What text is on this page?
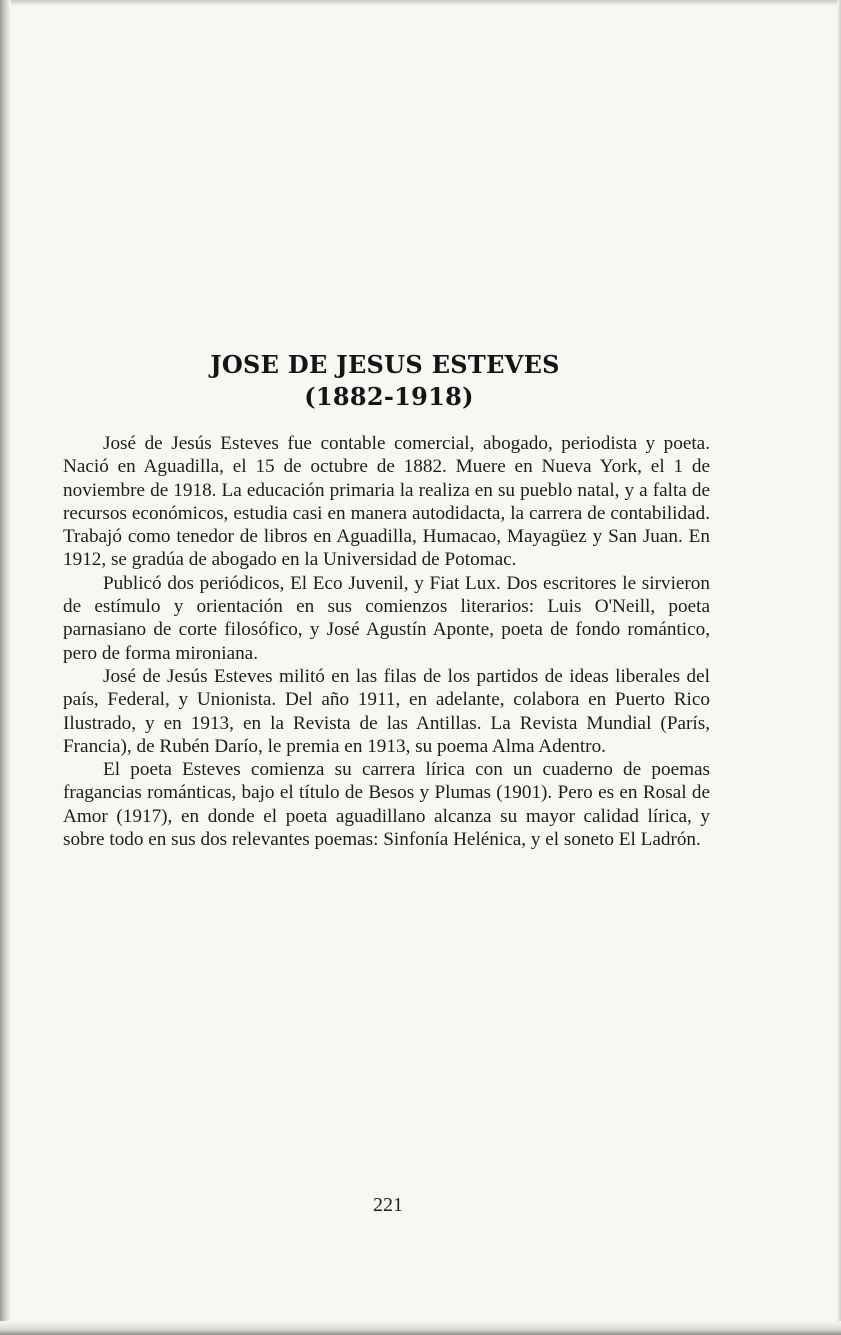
JOSE DE JESUS ESTEVES
(1882-1918)

José de Jesús Esteves fue contable comercial, abogado, periodista y poeta. Nació en Aguadilla, el 15 de octubre de 1882. Muere en Nueva York, el 1 de noviembre de 1918. La educación primaria la realiza en su pueblo natal, y a falta de recursos económicos, estudia casi en manera autodidacta, la carrera de contabilidad. Trabajó como tenedor de libros en Aguadilla, Humacao, Mayagüez y San Juan. En 1912, se gradúa de abogado en la Universidad de Potomac.

Publicó dos periódicos, El Eco Juvenil, y Fiat Lux. Dos escritores le sirvieron de estímulo y orientación en sus comienzos literarios: Luis O'Neill, poeta parnasiano de corte filosófico, y José Agustín Aponte, poeta de fondo romántico, pero de forma mironiana.

José de Jesús Esteves militó en las filas de los partidos de ideas liberales del país, Federal, y Unionista. Del año 1911, en adelante, colabora en Puerto Rico Ilustrado, y en 1913, en la Revista de las Antillas. La Revista Mundial (París, Francia), de Rubén Darío, le premia en 1913, su poema Alma Adentro.

El poeta Esteves comienza su carrera lírica con un cuaderno de poemas fragancias románticas, bajo el título de Besos y Plumas (1901). Pero es en Rosal de Amor (1917), en donde el poeta aguadillano alcanza su mayor calidad lírica, y sobre todo en sus dos relevantes poemas: Sinfonía Helénica, y el soneto El Ladrón.

221
